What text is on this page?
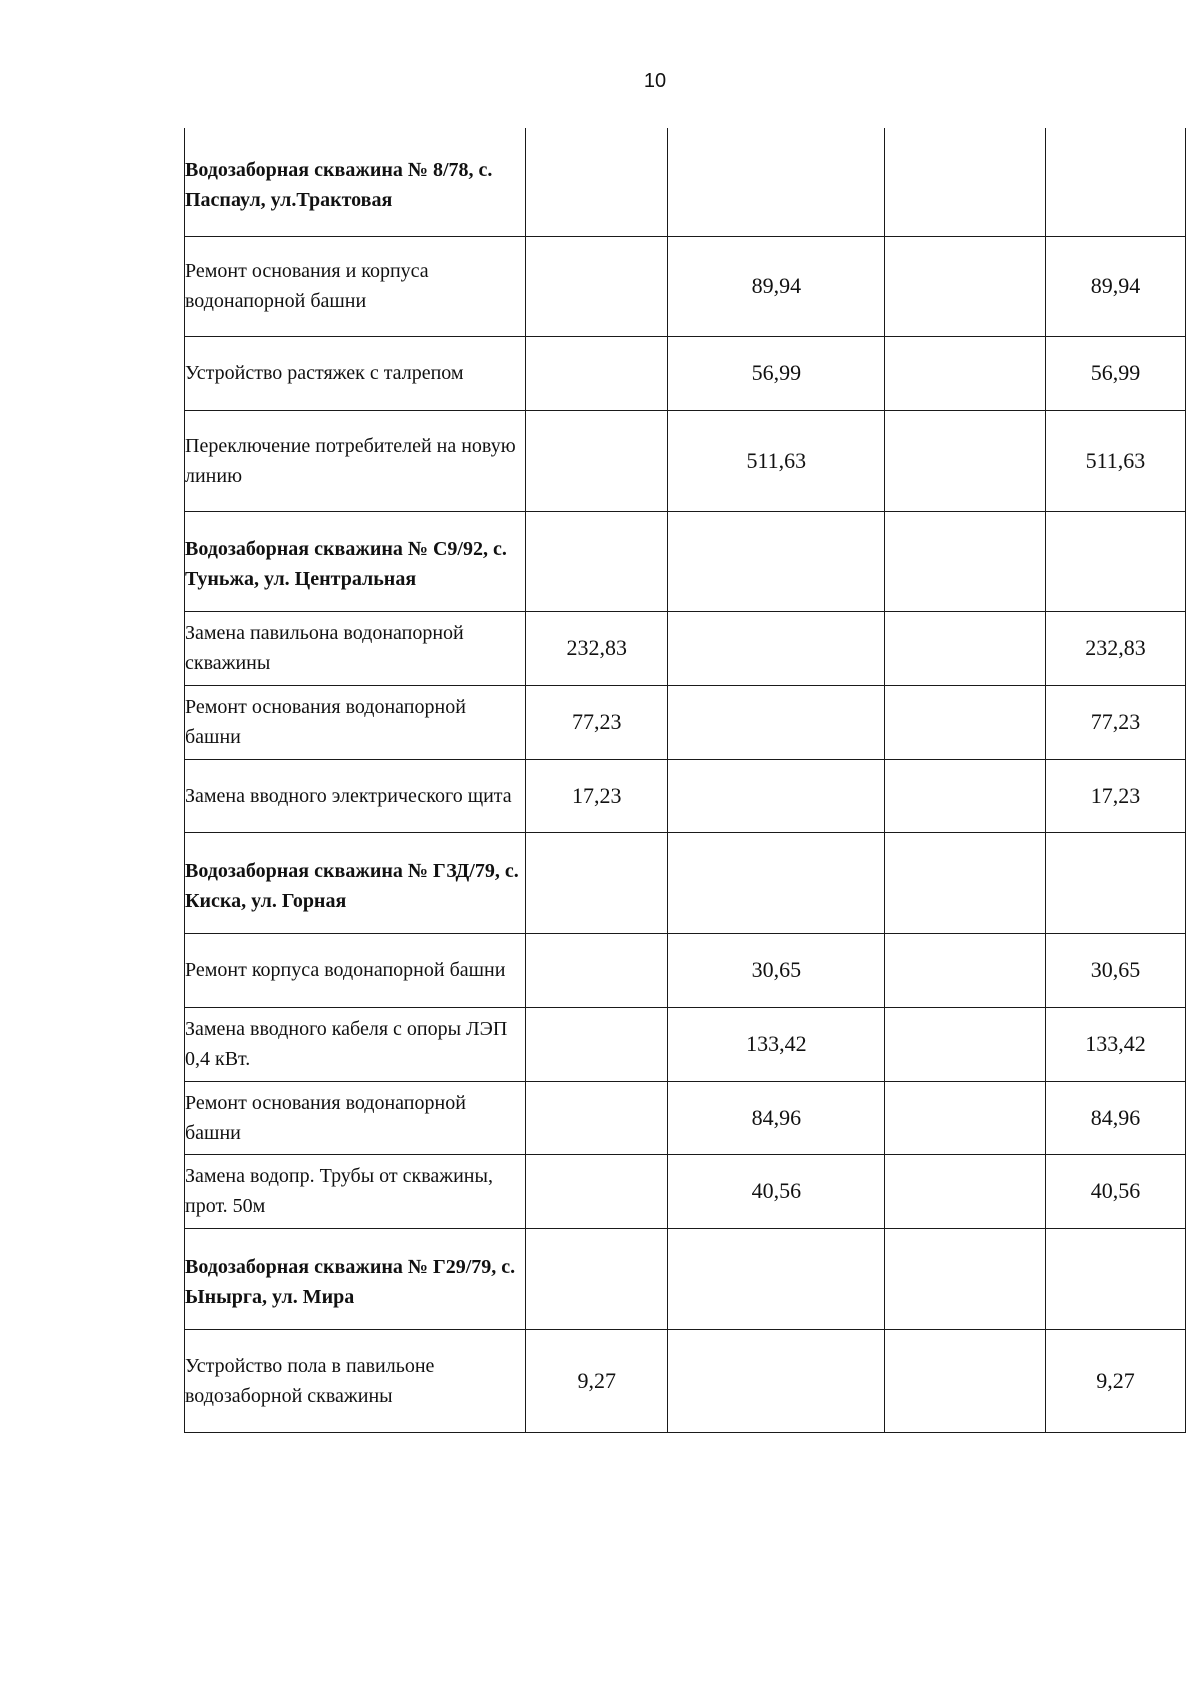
10
Водозаборная скважина № 8/78, с. Паспаул, ул.Трактовая				
Ремонт основания и корпуса водонапорной башни		89,94		89,94
Устройство растяжек с талрепом		56,99		56,99
Переключение потребителей на новую линию		511,63		511,63
Водозаборная скважина № С9/92, с. Туньжа, ул. Центральная				
Замена павильона водонапорной скважины	232,83			232,83
Ремонт основания водонапорной башни	77,23			77,23
Замена вводного электрического щита	17,23			17,23
Водозаборная скважина № ГЗД/79, с. Киска, ул. Горная				
Ремонт корпуса водонапорной башни		30,65		30,65
Замена вводного кабеля с опоры ЛЭП 0,4 кВт.		133,42		133,42
Ремонт основания водонапорной башни		84,96		84,96
Замена водопр. Трубы от скважины, прот. 50м		40,56		40,56
Водозаборная скважина № Г29/79, с. Ыныргa, ул. Мира				
Устройство пола в павильоне водозаборной скважины	9,27			9,27
